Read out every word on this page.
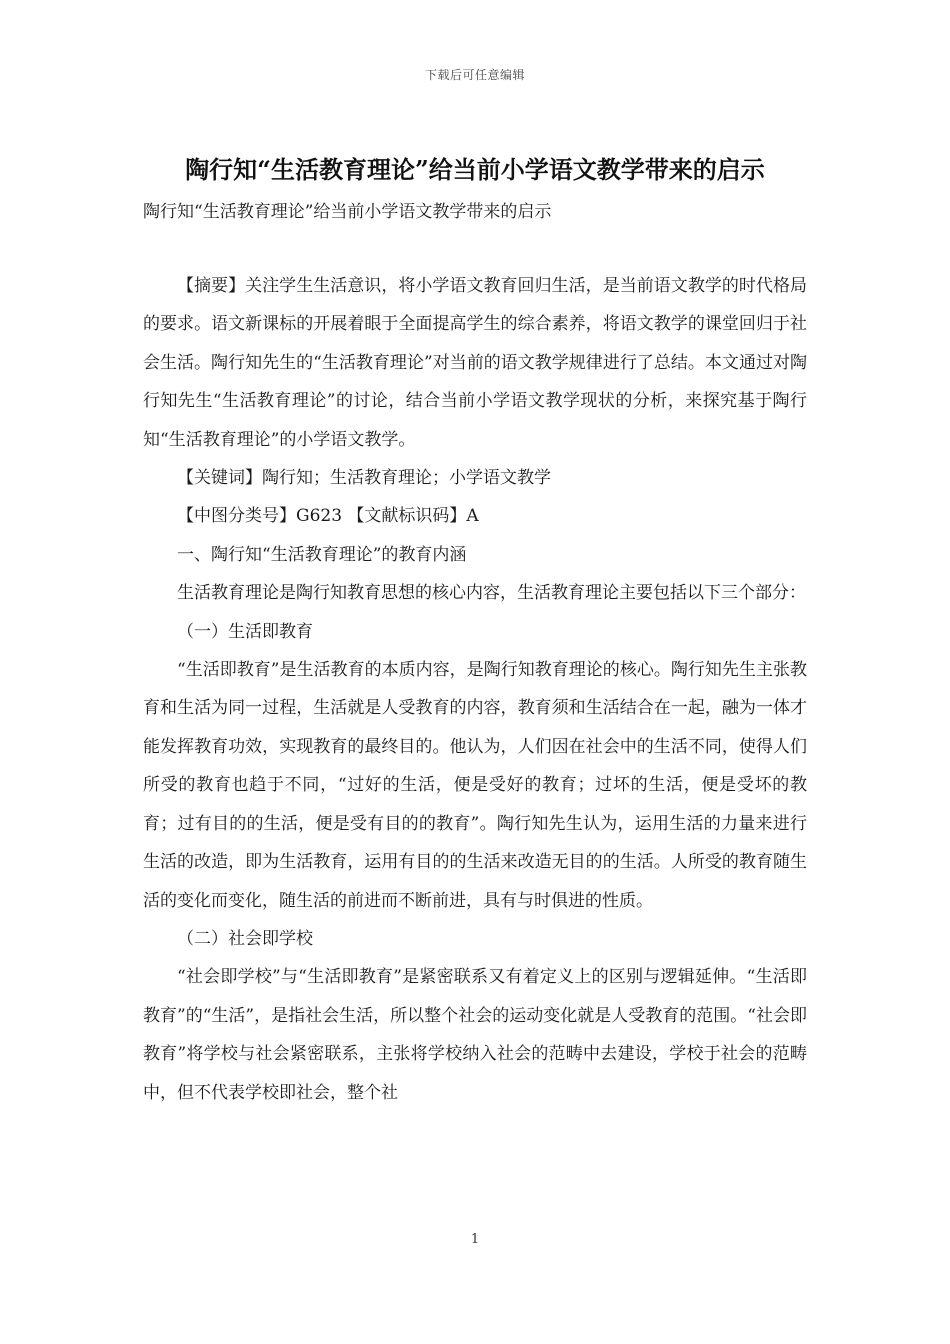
下载后可任意编辑
陶行知“生活教育理论”给当前小学语文教学带来的启示
陶行知“生活教育理论”给当前小学语文教学带来的启示

【摘要】关注学生生活意识，将小学语文教育回归生活，是当前语文教学的时代格局的要求。语文新课标的开展着眼于全面提高学生的综合素养，将语文教学的课堂回归于社会生活。陶行知先生的“生活教育理论”对当前的语文教学规律进行了总结。本文通过对陶行知先生“生活教育理论”的讨论，结合当前小学语文教学现状的分析，来探究基于陶行知“生活教育理论”的小学语文教学。

【关键词】陶行知；生活教育理论；小学语文教学

【中图分类号】G623 【文献标识码】A

一、陶行知“生活教育理论”的教育内涵

生活教育理论是陶行知教育思想的核心内容，生活教育理论主要包括以下三个部分：

（一）生活即教育

“生活即教育”是生活教育的本质内容，是陶行知教育理论的核心。陶行知先生主张教育和生活为同一过程，生活就是人受教育的内容，教育须和生活结合在一起，融为一体才能发挥教育功效，实现教育的最终目的。他认为，人们因在社会中的生活不同，使得人们所受的教育也趋于不同，“过好的生活，便是受好的教育；过坏的生活，便是受坏的教育；过有目的的生活，便是受有目的的教育”。陶行知先生认为，运用生活的力量来进行生活的改造，即为生活教育，运用有目的的生活来改造无目的的生活。人所受的教育随生活的变化而变化，随生活的前进而不断前进，具有与时俱进的性质。

（二）社会即学校

“社会即学校”与“生活即教育”是紧密联系又有着定义上的区别与逻辑延伸。“生活即教育”的“生活”，是指社会生活，所以整个社会的运动变化就是人受教育的范围。“社会即教育”将学校与社会紧密联系，主张将学校纳入社会的范畴中去建设，学校于社会的范畴中，但不代表学校即社会，整个社

1
